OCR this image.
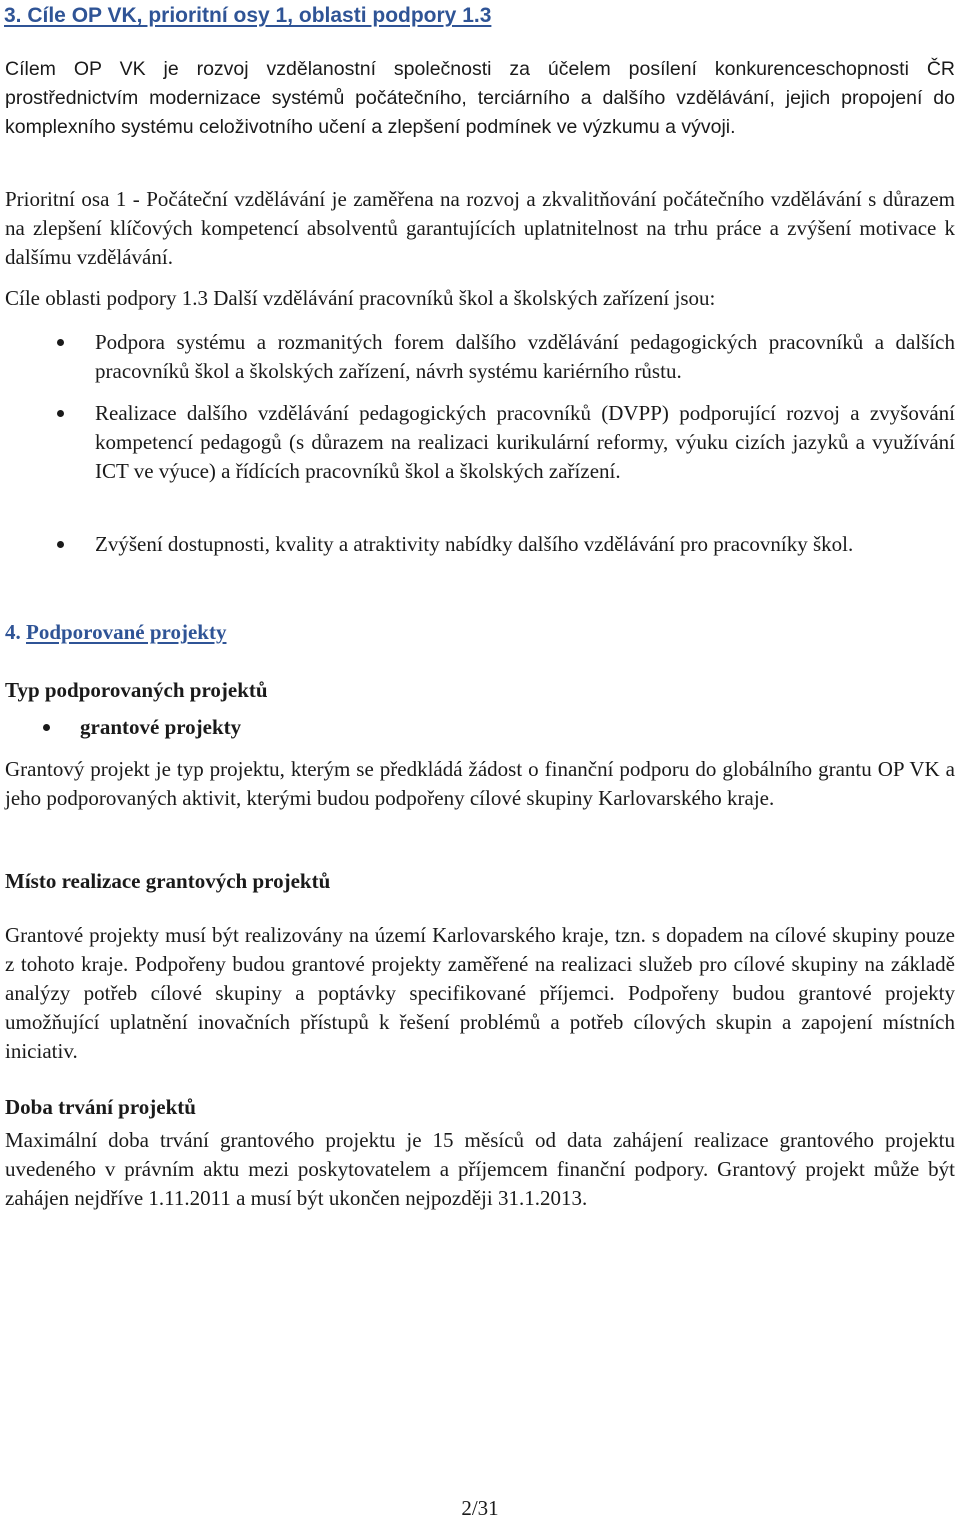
3. Cíle OP VK, prioritní osy 1, oblasti podpory 1.3

Cílem OP VK je rozvoj vzdělanostní společnosti za účelem posílení konkurenceschopnosti ČR prostřednictvím modernizace systémů počátečního, terciárního a dalšího vzdělávání, jejich propojení do komplexního systému celoživotního učení a zlepšení podmínek ve výzkumu a vývoji.

Prioritní osa 1 - Počáteční vzdělávání je zaměřena na rozvoj a zkvalitňování počátečního vzdělávání s důrazem na zlepšení klíčových kompetencí absolventů garantujících uplatnitelnost na trhu práce a zvýšení motivace k dalšímu vzdělávání.

Cíle oblasti podpory 1.3 Další vzdělávání pracovníků škol a školských zařízení jsou:

Podpora systému a rozmanitých forem dalšího vzdělávání pedagogických pracovníků a dalších pracovníků škol a školských zařízení, návrh systému kariérního růstu.

Realizace dalšího vzdělávání pedagogických pracovníků (DVPP) podporující rozvoj a zvyšování kompetencí pedagogů (s důrazem na realizaci kurikulární reformy, výuku cizích jazyků a využívání ICT ve výuce) a řídících pracovníků škol a školských zařízení.

Zvýšení dostupnosti, kvality a atraktivity nabídky dalšího vzdělávání pro pracovníky škol.

4. Podporované projekty
Typ podporovaných projektů

grantové projekty

Grantový projekt je typ projektu, kterým se předkládá žádost o finanční podporu do globálního grantu OP VK a jeho podporovaných aktivit, kterými budou podpořeny cílové skupiny Karlovarského kraje.

Místo realizace grantových projektů

Grantové projekty musí být realizovány na území Karlovarského kraje, tzn. s dopadem na cílové skupiny pouze z tohoto kraje. Podpořeny budou grantové projekty zaměřené na realizaci služeb pro cílové skupiny na základě analýzy potřeb cílové skupiny a poptávky specifikované příjemci. Podpořeny budou grantové projekty umožňující uplatnění inovačních přístupů k řešení problémů a potřeb cílových skupin a zapojení místních iniciativ.

Doba trvání projektů

Maximální doba trvání grantového projektu je 15 měsíců od data zahájení realizace grantového projektu uvedeného v právním aktu mezi poskytovatelem a příjemcem finanční podpory. Grantový projekt může být zahájen nejdříve 1.11.2011 a musí být ukončen nejpozději 31.1.2013.

2/31
